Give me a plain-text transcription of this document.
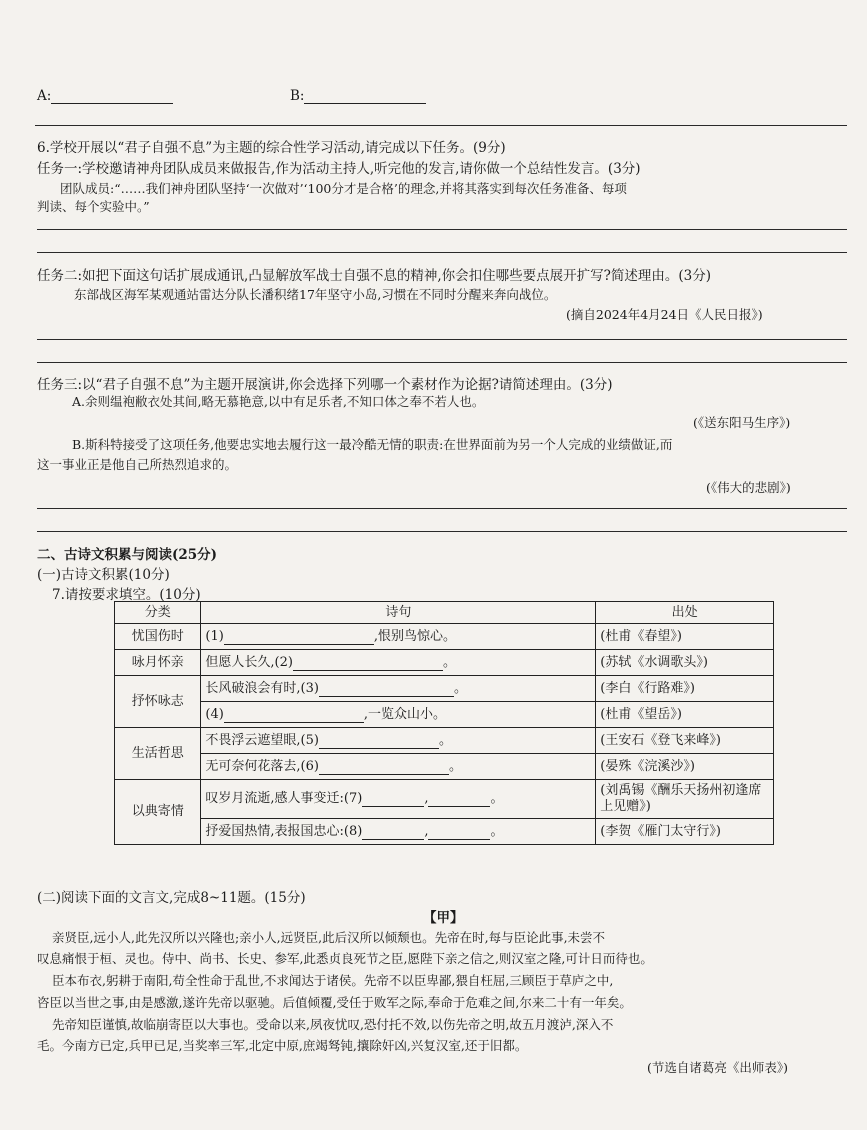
A:	B:
6.学校开展以“君子自强不息”为主题的综合性学习活动,请完成以下任务。(9分)
任务一:学校邀请神舟团队成员来做报告,作为活动主持人,听完他的发言,请你做一个总结性发言。(3分)
团队成员:“……我们神舟团队坚持‘一次做对’‘100分才是合格’的理念,并将其落实到每次任务准备、每项
判读、每个实验中。”
任务二:如把下面这句话扩展成通讯,凸显解放军战士自强不息的精神,你会扣住哪些要点展开扩写?简述理由。(3分)
东部战区海军某观通站雷达分队长潘积绪17年坚守小岛,习惯在不同时分醒来奔向战位。
(摘自2024年4月24日《人民日报》)
任务三:以“君子自强不息”为主题开展演讲,你会选择下列哪一个素材作为论据?请简述理由。(3分)
A.余则缊袍敝衣处其间,略无慕艳意,以中有足乐者,不知口体之奉不若人也。
(《送东阳马生序》)
B.斯科特接受了这项任务,他要忠实地去履行这一最冷酷无情的职责:在世界面前为另一个人完成的业绩做证,而
这一事业正是他自己所热烈追求的。
(《伟大的悲剧》)
二、古诗文积累与阅读(25分)
(一)古诗文积累(10分)
7.请按要求填空。(10分)
分类	诗句	出处
忧国伤时	(1) ,恨别鸟惊心。	(杜甫《春望》)
咏月怀亲	但愿人长久,(2) 。	(苏轼《水调歌头》)
抒怀咏志	长风破浪会有时,(3) 。	(李白《行路难》)
	(4) ,一览众山小。	(杜甫《望岳》)
生活哲思	不畏浮云遮望眼,(5) 。	(王安石《登飞来峰》)
	无可奈何花落去,(6) 。	(晏殊《浣溪沙》)
以典寄情	叹岁月流逝,感人事变迁:(7) , 。	(刘禹锡《酬乐天扬州初逢席上见赠》)
	抒爱国热情,表报国忠心:(8) , 。	(李贺《雁门太守行》)
(二)阅读下面的文言文,完成8~11题。(15分)
【甲】
亲贤臣,远小人,此先汉所以兴隆也;亲小人,远贤臣,此后汉所以倾颓也。先帝在时,每与臣论此事,未尝不
叹息痛恨于桓、灵也。侍中、尚书、长史、参军,此悉贞良死节之臣,愿陛下亲之信之,则汉室之隆,可计日而待也。
臣本布衣,躬耕于南阳,苟全性命于乱世,不求闻达于诸侯。先帝不以臣卑鄙,猥自枉屈,三顾臣于草庐之中,
咨臣以当世之事,由是感激,遂许先帝以驱驰。后值倾覆,受任于败军之际,奉命于危难之间,尔来二十有一年矣。
先帝知臣谨慎,故临崩寄臣以大事也。受命以来,夙夜忧叹,恐付托不效,以伤先帝之明,故五月渡泸,深入不
毛。今南方已定,兵甲已足,当奖率三军,北定中原,庶竭驽钝,攘除奸凶,兴复汉室,还于旧都。
(节选自诸葛亮《出师表》)
